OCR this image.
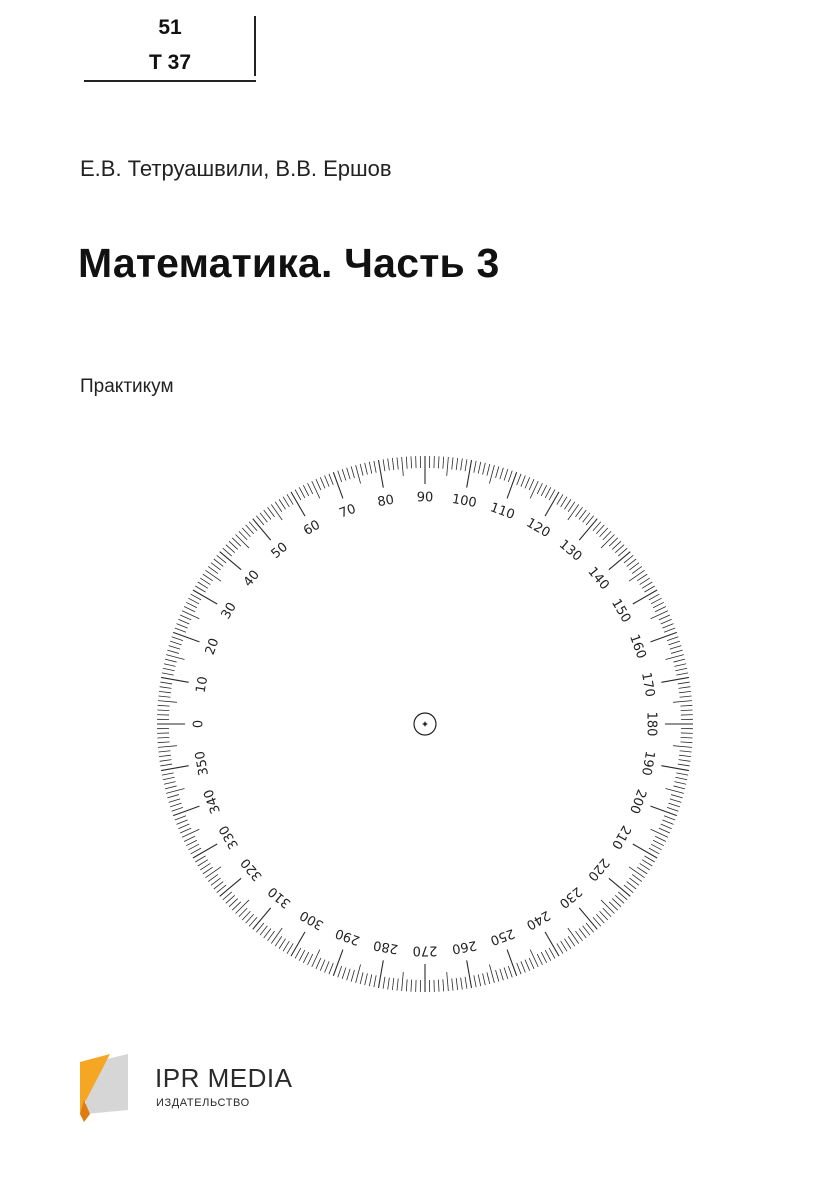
51
Т 37
Е.В. Тетруашвили, В.В. Ершов
Математика. Часть 3
Практикум
0
10
20
30
40
50
60
70
80 90 100 110
120
130
140
150
160
170
180
190
200
210
220
230
240
250
260
270
280
290
300
310
320
330
340
350
IPR MEDIA
ИЗДАТЕЛЬСТВО
